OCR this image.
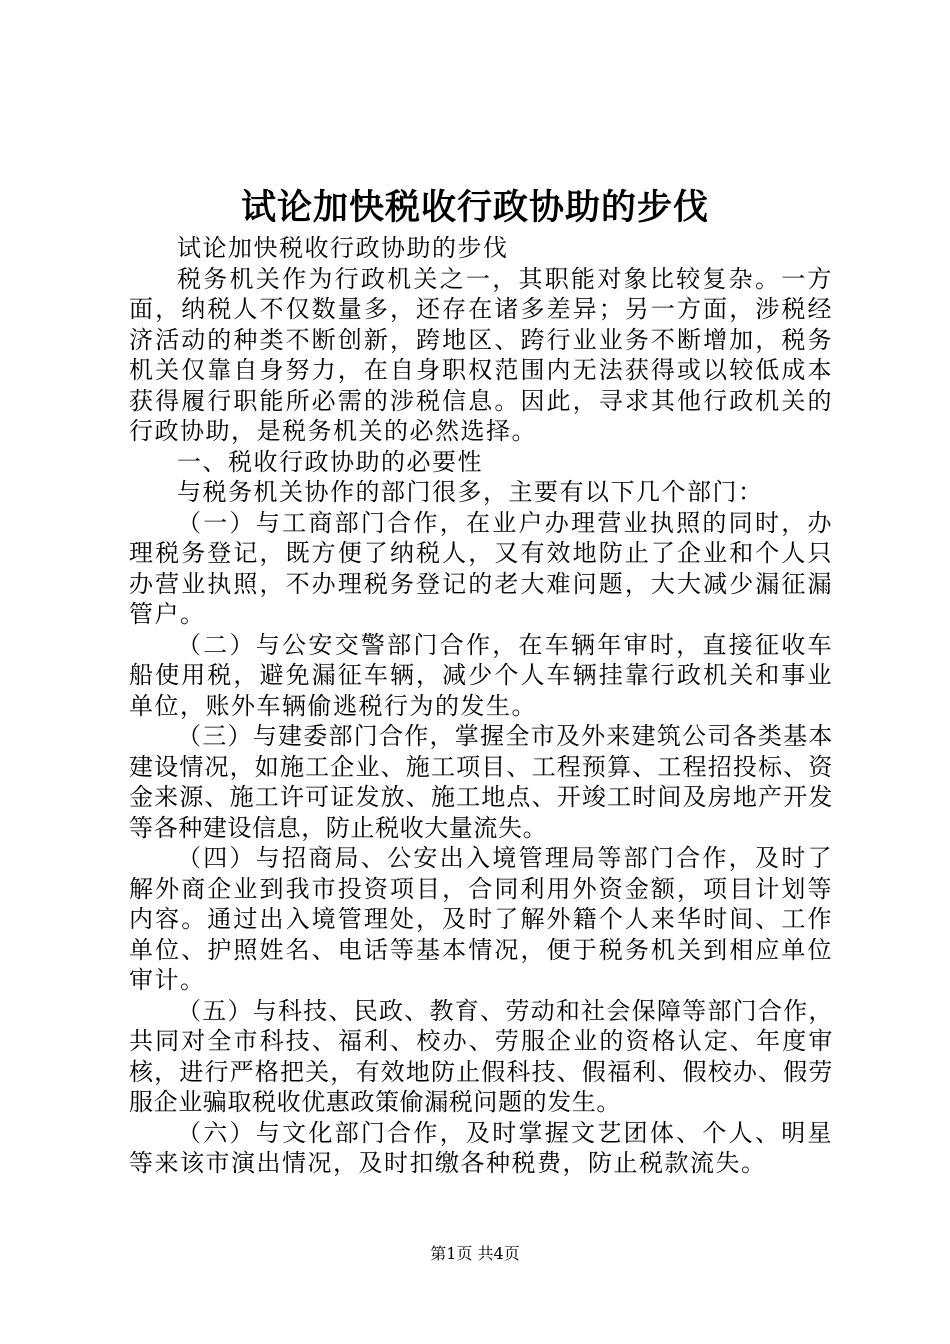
试论加快税收行政协助的步伐

试论加快税收行政协助的步伐

税务机关作为行政机关之一，其职能对象比较复杂。一方面，纳税人不仅数量多，还存在诸多差异；另一方面，涉税经济活动的种类不断创新，跨地区、跨行业业务不断增加，税务机关仅靠自身努力，在自身职权范围内无法获得或以较低成本获得履行职能所必需的涉税信息。因此，寻求其他行政机关的行政协助，是税务机关的必然选择。

一、税收行政协助的必要性

与税务机关协作的部门很多，主要有以下几个部门：

（一）与工商部门合作，在业户办理营业执照的同时，办理税务登记，既方便了纳税人，又有效地防止了企业和个人只办营业执照，不办理税务登记的老大难问题，大大减少漏征漏管户。

（二）与公安交警部门合作，在车辆年审时，直接征收车船使用税，避免漏征车辆，减少个人车辆挂靠行政机关和事业单位，账外车辆偷逃税行为的发生。

（三）与建委部门合作，掌握全市及外来建筑公司各类基本建设情况，如施工企业、施工项目、工程预算、工程招投标、资金来源、施工许可证发放、施工地点、开竣工时间及房地产开发等各种建设信息，防止税收大量流失。

（四）与招商局、公安出入境管理局等部门合作，及时了解外商企业到我市投资项目，合同利用外资金额，项目计划等内容。通过出入境管理处，及时了解外籍个人来华时间、工作单位、护照姓名、电话等基本情况，便于税务机关到相应单位审计。

（五）与科技、民政、教育、劳动和社会保障等部门合作，共同对全市科技、福利、校办、劳服企业的资格认定、年度审核，进行严格把关，有效地防止假科技、假福利、假校办、假劳服企业骗取税收优惠政策偷漏税问题的发生。

（六）与文化部门合作，及时掌握文艺团体、个人、明星等来该市演出情况，及时扣缴各种税费，防止税款流失。

第1页 共4页
